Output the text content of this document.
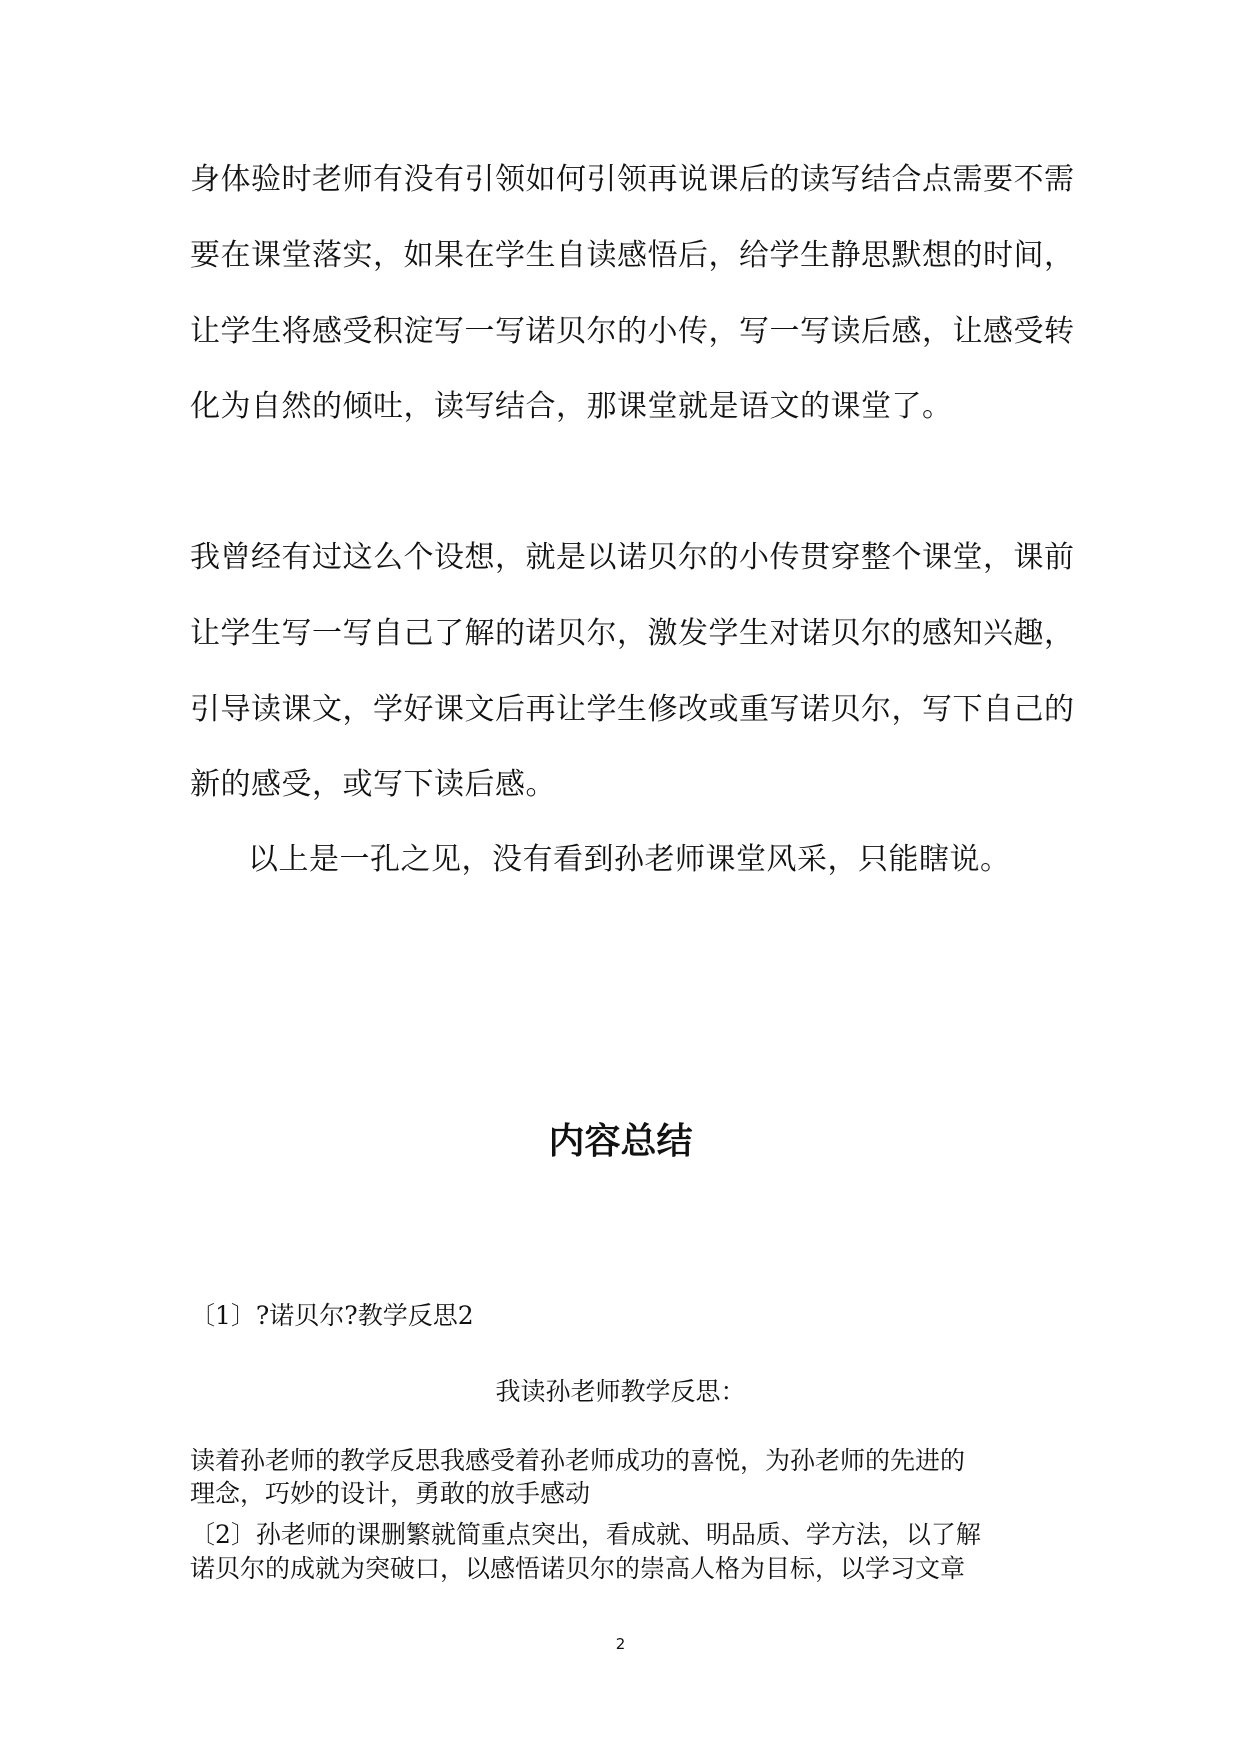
身体验时老师有没有引领如何引领再说课后的读写结合点需要不需
要在课堂落实，如果在学生自读感悟后，给学生静思默想的时间，
让学生将感受积淀写一写诺贝尔的小传，写一写读后感，让感受转
化为自然的倾吐，读写结合，那课堂就是语文的课堂了。
我曾经有过这么个设想，就是以诺贝尔的小传贯穿整个课堂，课前
让学生写一写自己了解的诺贝尔，激发学生对诺贝尔的感知兴趣，
引导读课文，学好课文后再让学生修改或重写诺贝尔，写下自己的
新的感受，或写下读后感。
以上是一孔之见，没有看到孙老师课堂风采，只能瞎说。
内容总结
〔1〕?诺贝尔?教学反思2
我读孙老师教学反思：
读着孙老师的教学反思我感受着孙老师成功的喜悦，为孙老师的先进的
理念，巧妙的设计，勇敢的放手感动
〔2〕孙老师的课删繁就简重点突出，看成就、明品质、学方法，以了解
诺贝尔的成就为突破口，以感悟诺贝尔的崇高人格为目标，以学习文章
2
